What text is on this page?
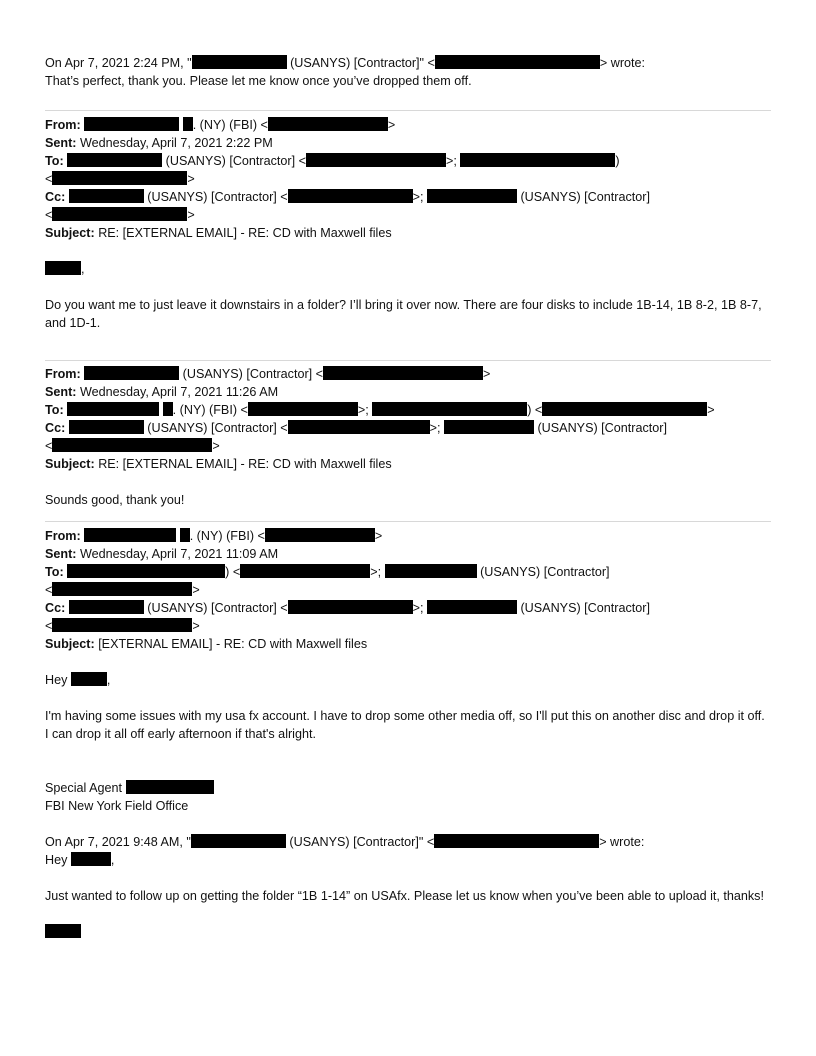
On Apr 7, 2021 2:24 PM, "	(USANYS) [Contractor]" <	> wrote:
That’s perfect, thank you. Please let me know once you’ve dropped them off.
From:	. (NY) (FBI) <	>
Sent: Wednesday, April 7, 2021 2:22 PM
To:	(USANYS) [Contractor] <	>;	)
<	>
Cc:	(USANYS) [Contractor] <	>;	(USANYS) [Contractor]
<	>
Subject: RE: [EXTERNAL EMAIL] - RE: CD with Maxwell files
,
Do you want me to just leave it downstairs in a folder? I’ll bring it over now. There are four disks to include 1B-14, 1B 8-2, 1B 8-7, and 1D-1.
From:	(USANYS) [Contractor] <	>
Sent: Wednesday, April 7, 2021 11:26 AM
To:	. (NY) (FBI) <	>;	) <	>
Cc:	(USANYS) [Contractor] <	>;	(USANYS) [Contractor]
<	>
Subject: RE: [EXTERNAL EMAIL] - RE: CD with Maxwell files
Sounds good, thank you!
From:	. (NY) (FBI) <	>
Sent: Wednesday, April 7, 2021 11:09 AM
To:	) <	>;	(USANYS) [Contractor]
<	>
Cc:	(USANYS) [Contractor] <	>;	(USANYS) [Contractor]
<	>
Subject: [EXTERNAL EMAIL] - RE: CD with Maxwell files
Hey	,
I'm having some issues with my usa fx account. I have to drop some other media off, so I'll put this on another disc and drop it off. I can drop it all off early afternoon if that's alright.
Special Agent
FBI New York Field Office
On Apr 7, 2021 9:48 AM, "	(USANYS) [Contractor]" <	> wrote:
Hey	,
Just wanted to follow up on getting the folder “1B 1-14” on USAfx. Please let us know when you’ve been able to upload it, thanks!
